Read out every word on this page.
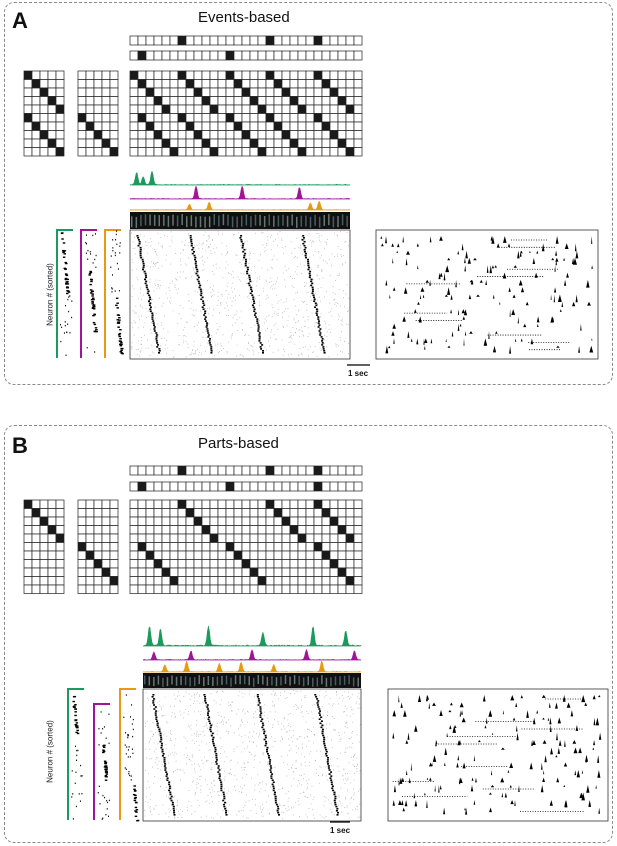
A	Events-based
Neuron # (sorted)
1 sec
B	Parts-based
Neuron # (sorted)
1 sec
